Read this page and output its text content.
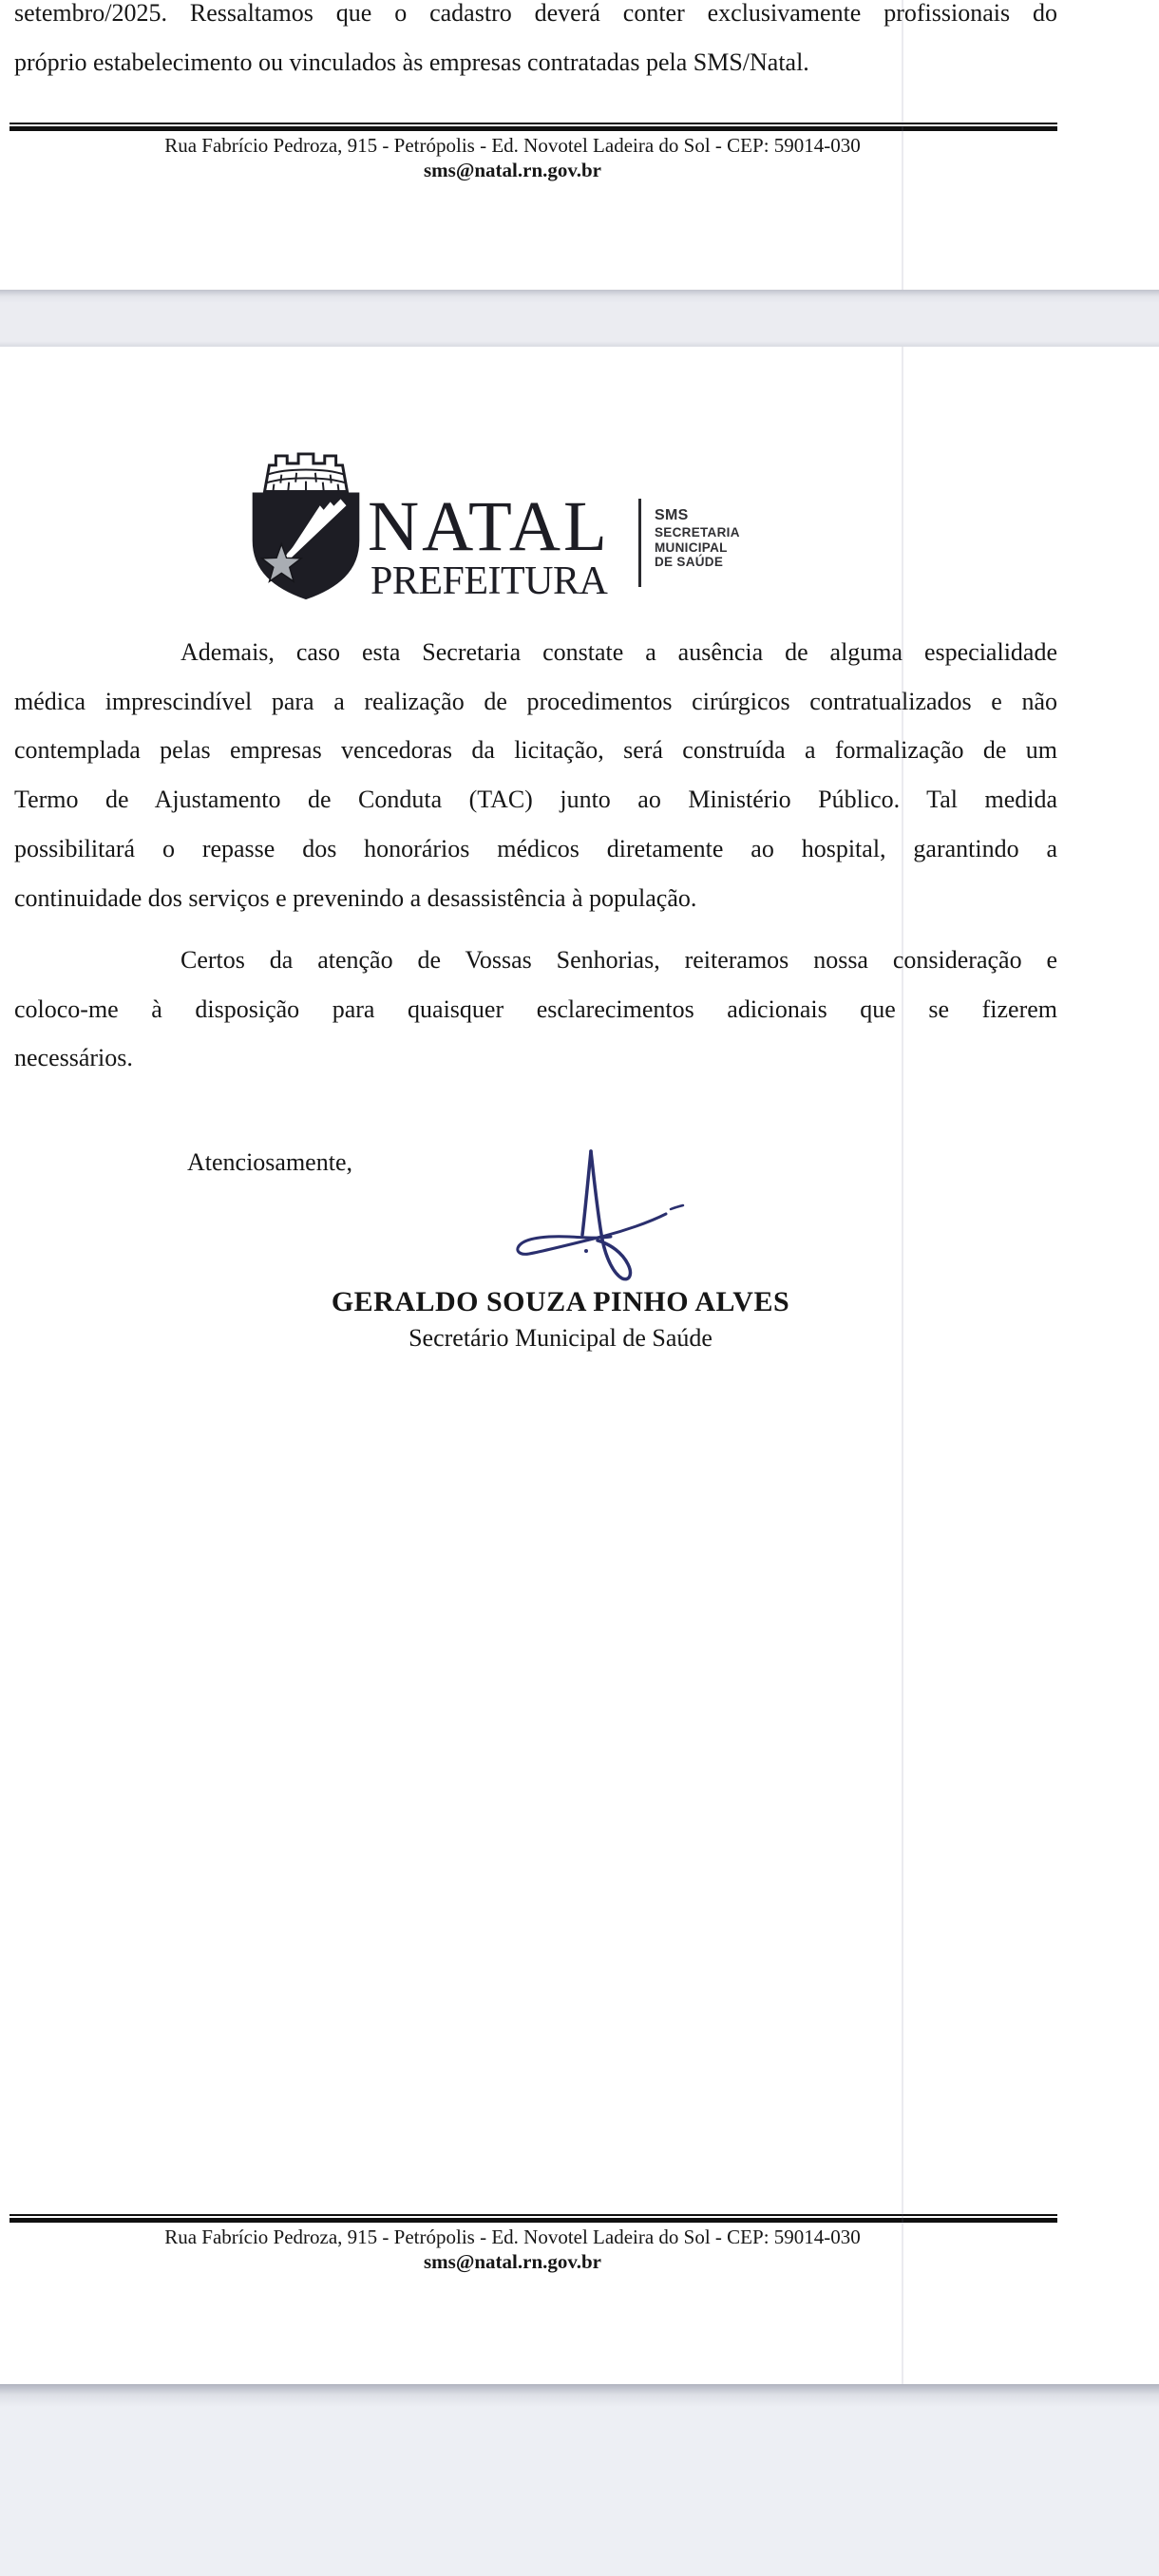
setembro/2025. Ressaltamos que o cadastro deverá conter exclusivamente profissionais do
próprio estabelecimento ou vinculados às empresas contratadas pela SMS/Natal.
Rua Fabrício Pedroza, 915 - Petrópolis - Ed. Novotel Ladeira do Sol - CEP: 59014-030
sms@natal.rn.gov.br
NATAL
PREFEITURA
SMS
SECRETARIA
MUNICIPAL
DE SAÚDE
Ademais, caso esta Secretaria constate a ausência de alguma especialidade
médica imprescindível para a realização de procedimentos cirúrgicos contratualizados e não
contemplada pelas empresas vencedoras da licitação, será construída a formalização de um
Termo de Ajustamento de Conduta (TAC) junto ao Ministério Público. Tal medida
possibilitará o repasse dos honorários médicos diretamente ao hospital, garantindo a
continuidade dos serviços e prevenindo a desassistência à população.
Certos da atenção de Vossas Senhorias, reiteramos nossa consideração e
coloco-me à disposição para quaisquer esclarecimentos adicionais que se fizerem
necessários.
Atenciosamente,
GERALDO SOUZA PINHO ALVES
Secretário Municipal de Saúde
Rua Fabrício Pedroza, 915 - Petrópolis - Ed. Novotel Ladeira do Sol - CEP: 59014-030
sms@natal.rn.gov.br
